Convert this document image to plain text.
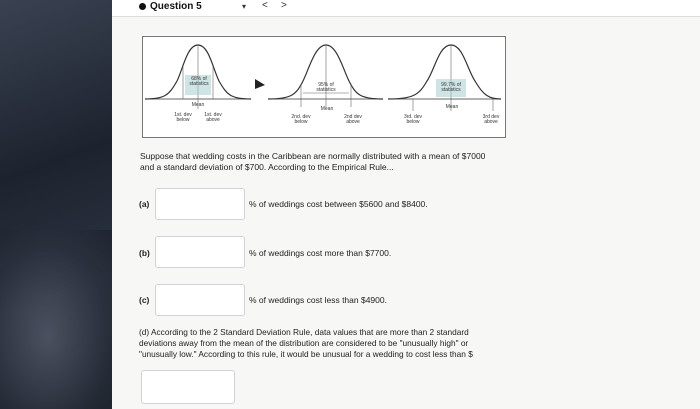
Question 5	▾ < >
68% of statistics
Mean
1st. dev below
1st. dev above
95% of statistics
Mean
2nd. dev below
2nd dev above
99.7% of statistics
Mean
3rd. dev below
3rd dev above
Suppose that wedding costs in the Caribbean are normally distributed with a mean of $7000
and a standard deviation of $700. According to the Empirical Rule...
(a)	% of weddings cost between $5600 and $8400.
(b)	% of weddings cost more than $7700.
(c)	% of weddings cost less than $4900.
(d) According to the 2 Standard Deviation Rule, data values that are more than 2 standard
deviations away from the mean of the distribution are considered to be "unusually high" or
"unusually low." According to this rule, it would be unusual for a wedding to cost less than $
